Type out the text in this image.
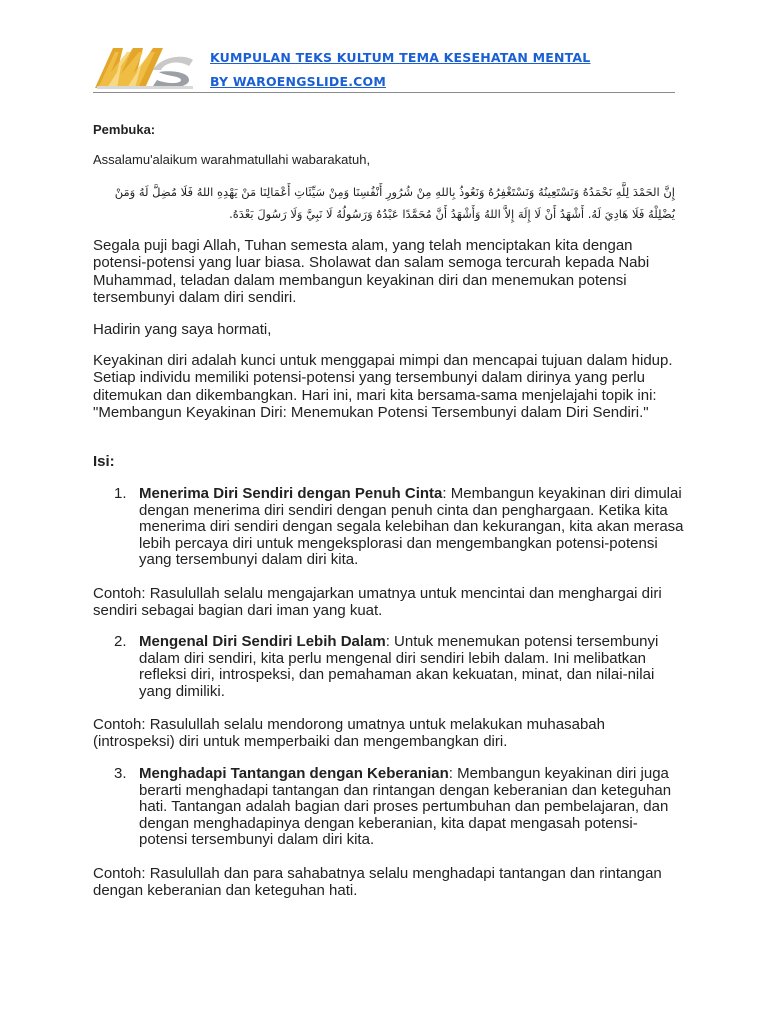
KUMPULAN TEKS KULTUM TEMA KESEHATAN MENTAL
BY WAROENGSLIDE.COM
Pembuka:
Assalamu'alaikum warahmatullahi wabarakatuh,
إِنَّ الحَمْدَ لِلَّهِ نَحْمَدُهُ وَنَسْتَعِينُهُ وَنَسْتَغْفِرُهُ وَنَعُوذُ بِاللهِ مِنْ شُرُورِ أَنْفُسِنَا وَمِنْ سَيِّئَاتِ أَعْمَالِنَا مَنْ يَهْدِهِ اللهُ فَلَا مُضِلَّ لَهُ وَمَنْ يُضْلِلْهُ فَلَا هَادِيَ لَهُ. أَشْهَدُ أَنْ لَا إِلَهَ إِلاَّ اللهُ وَأَشْهَدُ أَنَّ مُحَمَّدًا عَبْدُهُ وَرَسُولُهُ لَا نَبِيَّ وَلَا رَسُولَ بَعْدَهُ.
Segala puji bagi Allah, Tuhan semesta alam, yang telah menciptakan kita dengan potensi-potensi yang luar biasa. Sholawat dan salam semoga tercurah kepada Nabi Muhammad, teladan dalam membangun keyakinan diri dan menemukan potensi tersembunyi dalam diri sendiri.
Hadirin yang saya hormati,
Keyakinan diri adalah kunci untuk menggapai mimpi dan mencapai tujuan dalam hidup. Setiap individu memiliki potensi-potensi yang tersembunyi dalam dirinya yang perlu ditemukan dan dikembangkan. Hari ini, mari kita bersama-sama menjelajahi topik ini: "Membangun Keyakinan Diri: Menemukan Potensi Tersembunyi dalam Diri Sendiri."
Isi:
1. Menerima Diri Sendiri dengan Penuh Cinta: Membangun keyakinan diri dimulai dengan menerima diri sendiri dengan penuh cinta dan penghargaan. Ketika kita menerima diri sendiri dengan segala kelebihan dan kekurangan, kita akan merasa lebih percaya diri untuk mengeksplorasi dan mengembangkan potensi-potensi yang tersembunyi dalam diri kita.
Contoh: Rasulullah selalu mengajarkan umatnya untuk mencintai dan menghargai diri sendiri sebagai bagian dari iman yang kuat.
2. Mengenal Diri Sendiri Lebih Dalam: Untuk menemukan potensi tersembunyi dalam diri sendiri, kita perlu mengenal diri sendiri lebih dalam. Ini melibatkan refleksi diri, introspeksi, dan pemahaman akan kekuatan, minat, dan nilai-nilai yang dimiliki.
Contoh: Rasulullah selalu mendorong umatnya untuk melakukan muhasabah (introspeksi) diri untuk memperbaiki dan mengembangkan diri.
3. Menghadapi Tantangan dengan Keberanian: Membangun keyakinan diri juga berarti menghadapi tantangan dan rintangan dengan keberanian dan keteguhan hati. Tantangan adalah bagian dari proses pertumbuhan dan pembelajaran, dan dengan menghadapinya dengan keberanian, kita dapat mengasah potensi-potensi tersembunyi dalam diri kita.
Contoh: Rasulullah dan para sahabatnya selalu menghadapi tantangan dan rintangan dengan keberanian dan keteguhan hati.
